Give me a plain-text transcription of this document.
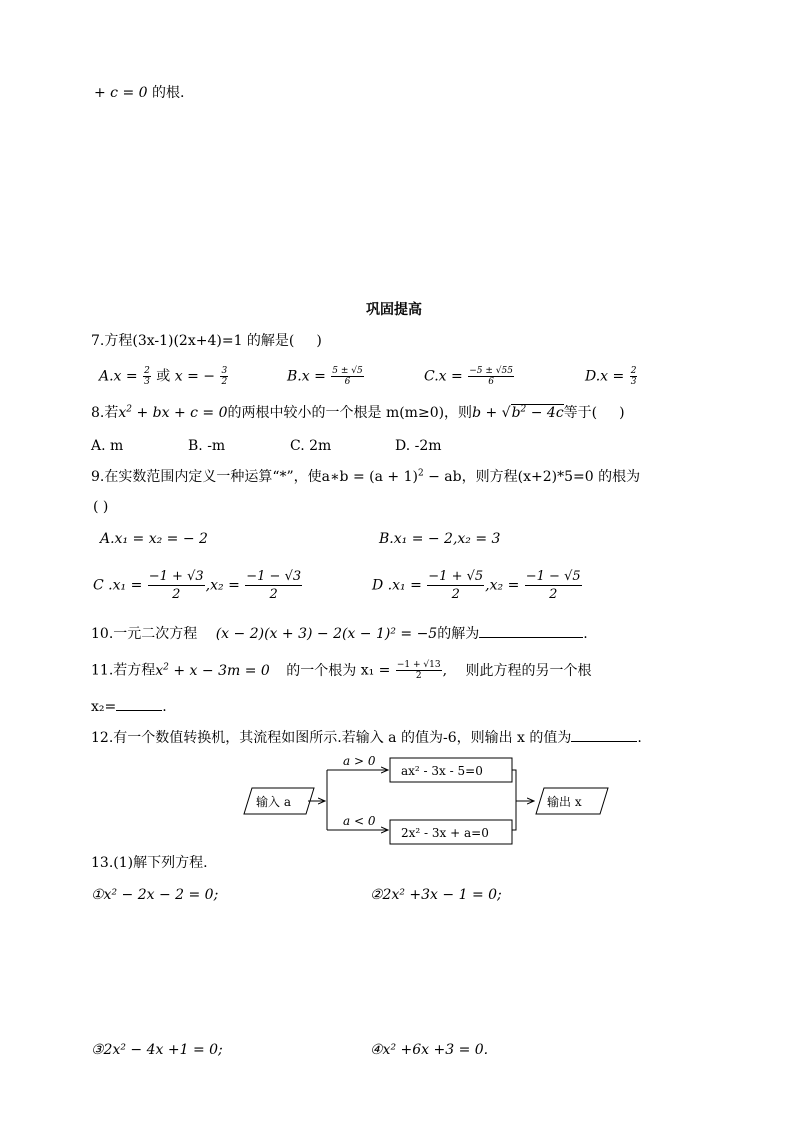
+ c = 0 的根.
巩固提高
7.方程(3x-1)(2x+4)=1 的解是( )
$A.x = \frac{2}{3}$ 或 x = − $\frac{3}{2}$	$B.x = \frac{5 \pm √5}{6}$	$C.x = \frac{-5 \pm √55}{6}$	$D.x = \frac{2}{3}$
8.若$x^2$ + bx + c = 0的两根中较小的一个根是 m(m≥0)，则$b + √b^2 - 4c$等于( )
A. m	B. -m	C. 2m	D. -2m
9.在实数范围内定义一种运算“*”，使a∗b = $(a + 1)^2$ − ab，则方程(x+2)*5=0 的根为
( )
A.x₁ = x₂ = − 2	B.x₁ = − 2,x₂ = 3
C $.x_1 = \frac{-1 + √3}{2} ,x_2 = \frac{-1 - √3}{2}$	D $.x_1 = \frac{-1 + √5}{2} ,x_2 = \frac{-1 - √5}{2}$
10.一元二次方程 (x − 2)(x + 3) − 2(x − 1)² = −5的解为	.
11.若方程$x^2 + x - 3m = 0$ 的一个根为 $x_1 = \frac{-1 + √13}{2}$ , 则此方程的另一个根
x₂=	.
12.有一个数值转换机，其流程如图所示.若输入 a 的值为-6，则输出 x 的值为	.
输入 a
a > 0
a < 0
ax² - 3x - 5=0
2x² - 3x + a=0
输出 x
13.(1)解下列方程.
①x² − 2x − 2 = 0;	②2x² +3x − 1 = 0;
③2x² − 4x +1 = 0;	④x² +6x +3 = 0.
